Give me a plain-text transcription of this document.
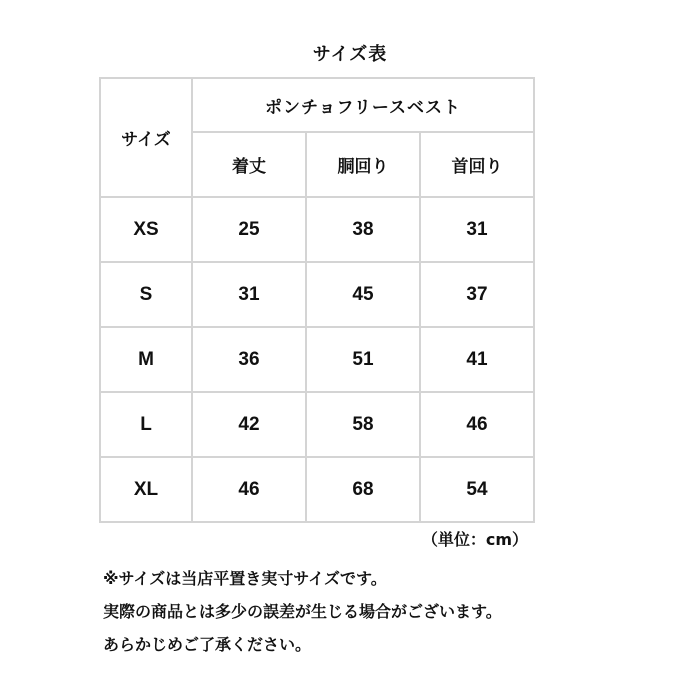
サイズ表
サイズ	ポンチョフリースベスト		
	着丈	胴回り	首回り
XS	25	38	31
S	31	45	37
M	36	51	41
L	42	58	46
XL	46	68	54
（単位：cm）
※サイズは当店平置き実寸サイズです。
実際の商品とは多少の誤差が生じる場合がございます。
あらかじめご了承ください。
